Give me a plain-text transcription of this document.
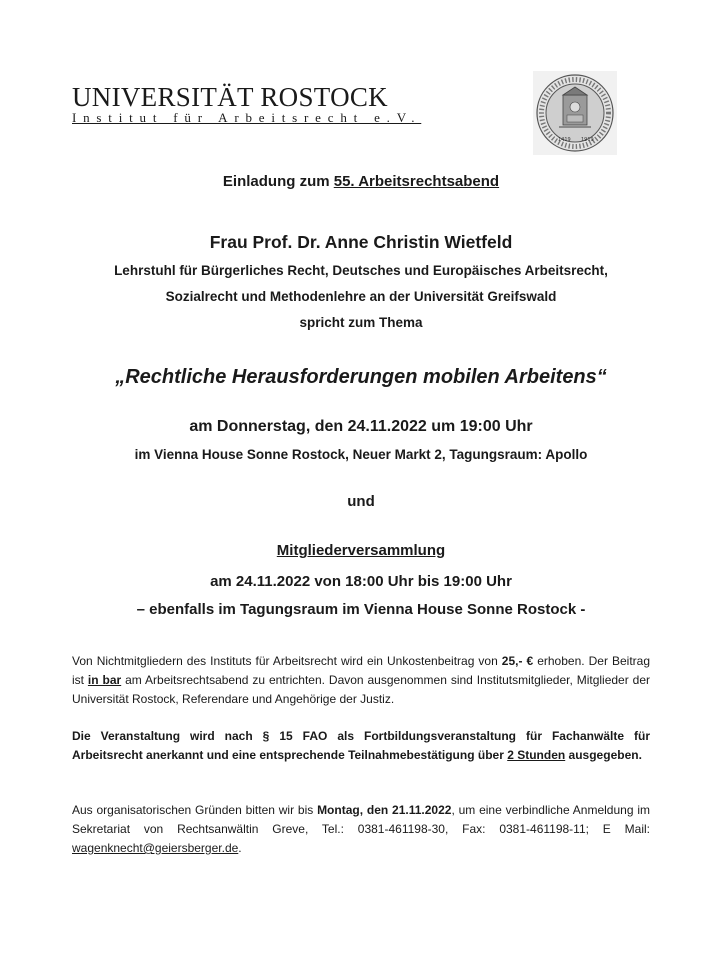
UNIVERSITÄT ROSTOCK
Institut für Arbeitsrecht e.V.
1419 1919
Einladung zum 55. Arbeitsrechtsabend
Frau Prof. Dr. Anne Christin Wietfeld
Lehrstuhl für Bürgerliches Recht, Deutsches und Europäisches Arbeitsrecht,
Sozialrecht und Methodenlehre an der Universität Greifswald
spricht zum Thema
„Rechtliche Herausforderungen mobilen Arbeitens“
am Donnerstag, den 24.11.2022 um 19:00 Uhr
im Vienna House Sonne Rostock, Neuer Markt 2, Tagungsraum: Apollo
und
Mitgliederversammlung
am 24.11.2022 von 18:00 Uhr bis 19:00 Uhr
– ebenfalls im Tagungsraum im Vienna House Sonne Rostock -

Von Nichtmitgliedern des Instituts für Arbeitsrecht wird ein Unkostenbeitrag von 25,- € erhoben. Der Beitrag ist in bar am Arbeitsrechtsabend zu entrichten. Davon ausgenommen sind Institutsmitglieder, Mitglieder der Universität Rostock, Referendare und Angehörige der Justiz.

Die Veranstaltung wird nach § 15 FAO als Fortbildungsveranstaltung für Fachanwälte für Arbeitsrecht anerkannt und eine entsprechende Teilnahmebestätigung über 2 Stunden ausgegeben.

Aus organisatorischen Gründen bitten wir bis Montag, den 21.11.2022, um eine verbindliche Anmeldung im Sekretariat von Rechtsanwältin Greve, Tel.: 0381-461198-30, Fax: 0381-461198-11; E Mail: wagenknecht@geiersberger.de.
